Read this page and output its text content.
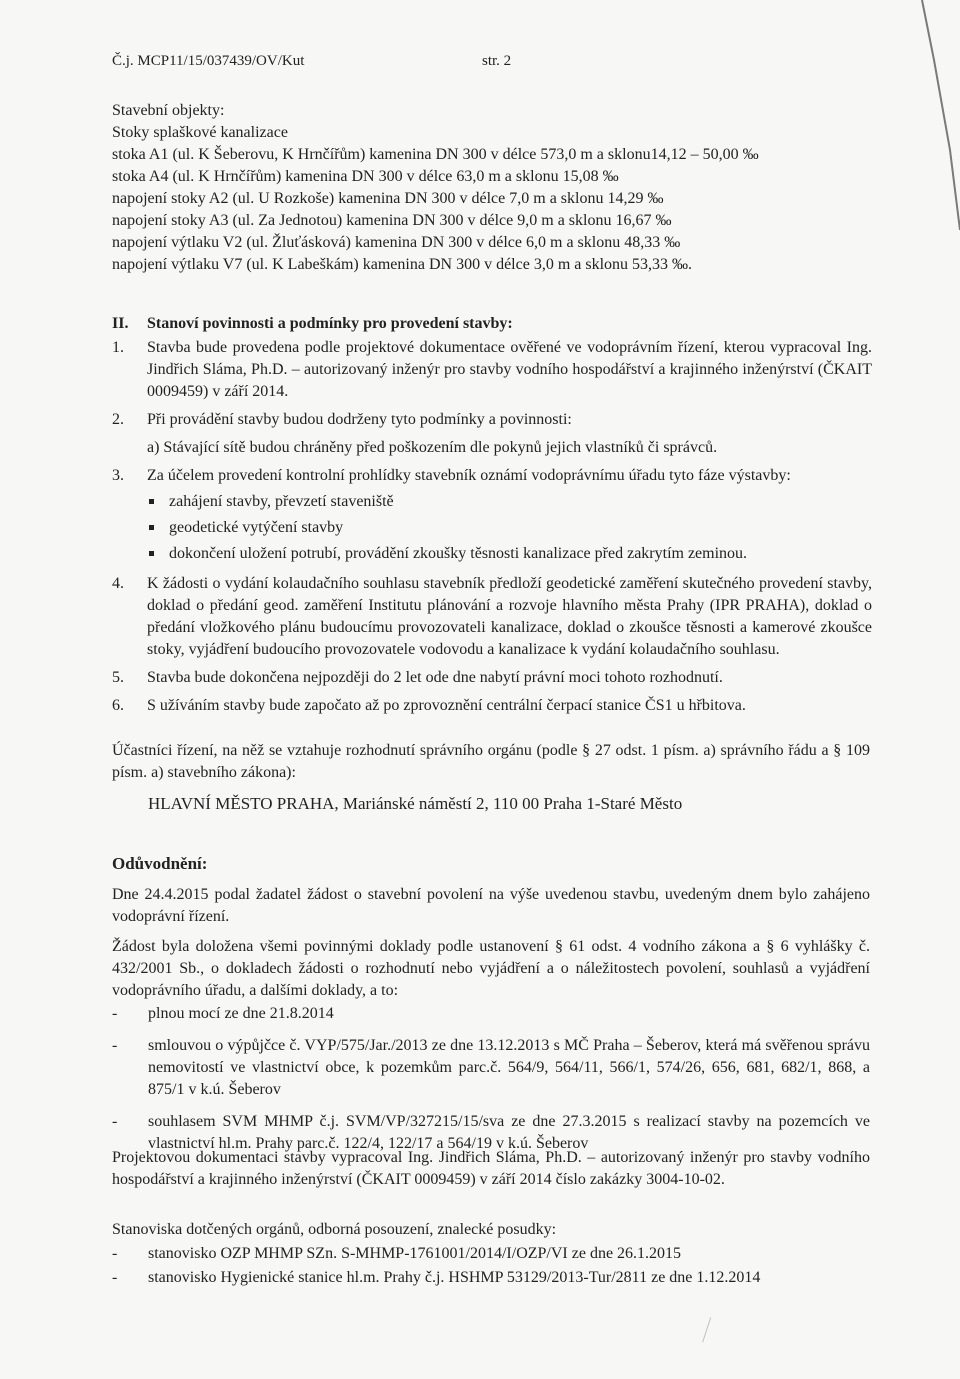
Č.j. MCP11/15/037439/OV/Kut	str. 2
Stavební objekty:
Stoky splaškové kanalizace
stoka A1 (ul. K Šeberovu, K Hrnčířům) kamenina DN 300 v délce 573,0 m a sklonu14,12 – 50,00 ‰
stoka A4 (ul. K Hrnčířům) kamenina DN 300 v délce 63,0 m a sklonu 15,08 ‰
napojení stoky A2 (ul. U Rozkoše) kamenina DN 300 v délce 7,0 m a sklonu 14,29 ‰
napojení stoky A3 (ul. Za Jednotou) kamenina DN 300 v délce 9,0 m a sklonu 16,67 ‰
napojení výtlaku V2 (ul. Žluťásková) kamenina DN 300 v délce 6,0 m a sklonu 48,33 ‰
napojení výtlaku V7 (ul. K Labeškám) kamenina DN 300 v délce 3,0 m a sklonu 53,33 ‰.
II. Stanoví povinnosti a podmínky pro provedení stavby:
1. Stavba bude provedena podle projektové dokumentace ověřené ve vodoprávním řízení, kterou vypracoval Ing. Jindřich Sláma, Ph.D. – autorizovaný inženýr pro stavby vodního hospodářství a krajinného inženýrství (ČKAIT 0009459) v září 2014.
2. Při provádění stavby budou dodrženy tyto podmínky a povinnosti:
a) Stávající sítě budou chráněny před poškozením dle pokynů jejich vlastníků či správců.
3. Za účelem provedení kontrolní prohlídky stavebník oznámí vodoprávnímu úřadu tyto fáze výstavby:
zahájení stavby, převzetí staveniště
geodetické vytýčení stavby
dokončení uložení potrubí, provádění zkoušky těsnosti kanalizace před zakrytím zeminou.
4. K žádosti o vydání kolaudačního souhlasu stavebník předloží geodetické zaměření skutečného provedení stavby, doklad o předání geod. zaměření Institutu plánování a rozvoje hlavního města Prahy (IPR PRAHA), doklad o předání vložkového plánu budoucímu provozovateli kanalizace, doklad o zkoušce těsnosti a kamerové zkoušce stoky, vyjádření budoucího provozovatele vodovodu a kanalizace k vydání kolaudačního souhlasu.
5. Stavba bude dokončena nejpozději do 2 let ode dne nabytí právní moci tohoto rozhodnutí.
6. S užíváním stavby bude započato až po zprovoznění centrální čerpací stanice ČS1 u hřbitova.
Účastníci řízení, na něž se vztahuje rozhodnutí správního orgánu (podle § 27 odst. 1 písm. a) správního řádu a § 109 písm. a) stavebního zákona):
HLAVNÍ MĚSTO PRAHA, Mariánské náměstí 2, 110 00 Praha 1-Staré Město
Odůvodnění:
Dne 24.4.2015 podal žadatel žádost o stavební povolení na výše uvedenou stavbu, uvedeným dnem bylo zahájeno vodoprávní řízení.
Žádost byla doložena všemi povinnými doklady podle ustanovení § 61 odst. 4 vodního zákona a § 6 vyhlášky č. 432/2001 Sb., o dokladech žádosti o rozhodnutí nebo vyjádření a o náležitostech povolení, souhlasů a vyjádření vodoprávního úřadu, a dalšími doklady, a to:
- plnou mocí ze dne 21.8.2014
- smlouvou o výpůjčce č. VYP/575/Jar./2013 ze dne 13.12.2013 s MČ Praha – Šeberov, která má svěřenou správu nemovitostí ve vlastnictví obce, k pozemkům parc.č. 564/9, 564/11, 566/1, 574/26, 656, 681, 682/1, 868, a 875/1 v k.ú. Šeberov
- souhlasem SVM MHMP č.j. SVM/VP/327215/15/sva ze dne 27.3.2015 s realizací stavby na pozemcích ve vlastnictví hl.m. Prahy parc.č. 122/4, 122/17 a 564/19 v k.ú. Šeberov
Projektovou dokumentaci stavby vypracoval Ing. Jindřich Sláma, Ph.D. – autorizovaný inženýr pro stavby vodního hospodářství a krajinného inženýrství (ČKAIT 0009459) v září 2014 číslo zakázky 3004-10-02.
Stanoviska dotčených orgánů, odborná posouzení, znalecké posudky:
- stanovisko OZP MHMP SZn. S-MHMP-1761001/2014/I/OZP/VI ze dne 26.1.2015
- stanovisko Hygienické stanice hl.m. Prahy č.j. HSHMP 53129/2013-Tur/2811 ze dne 1.12.2014
